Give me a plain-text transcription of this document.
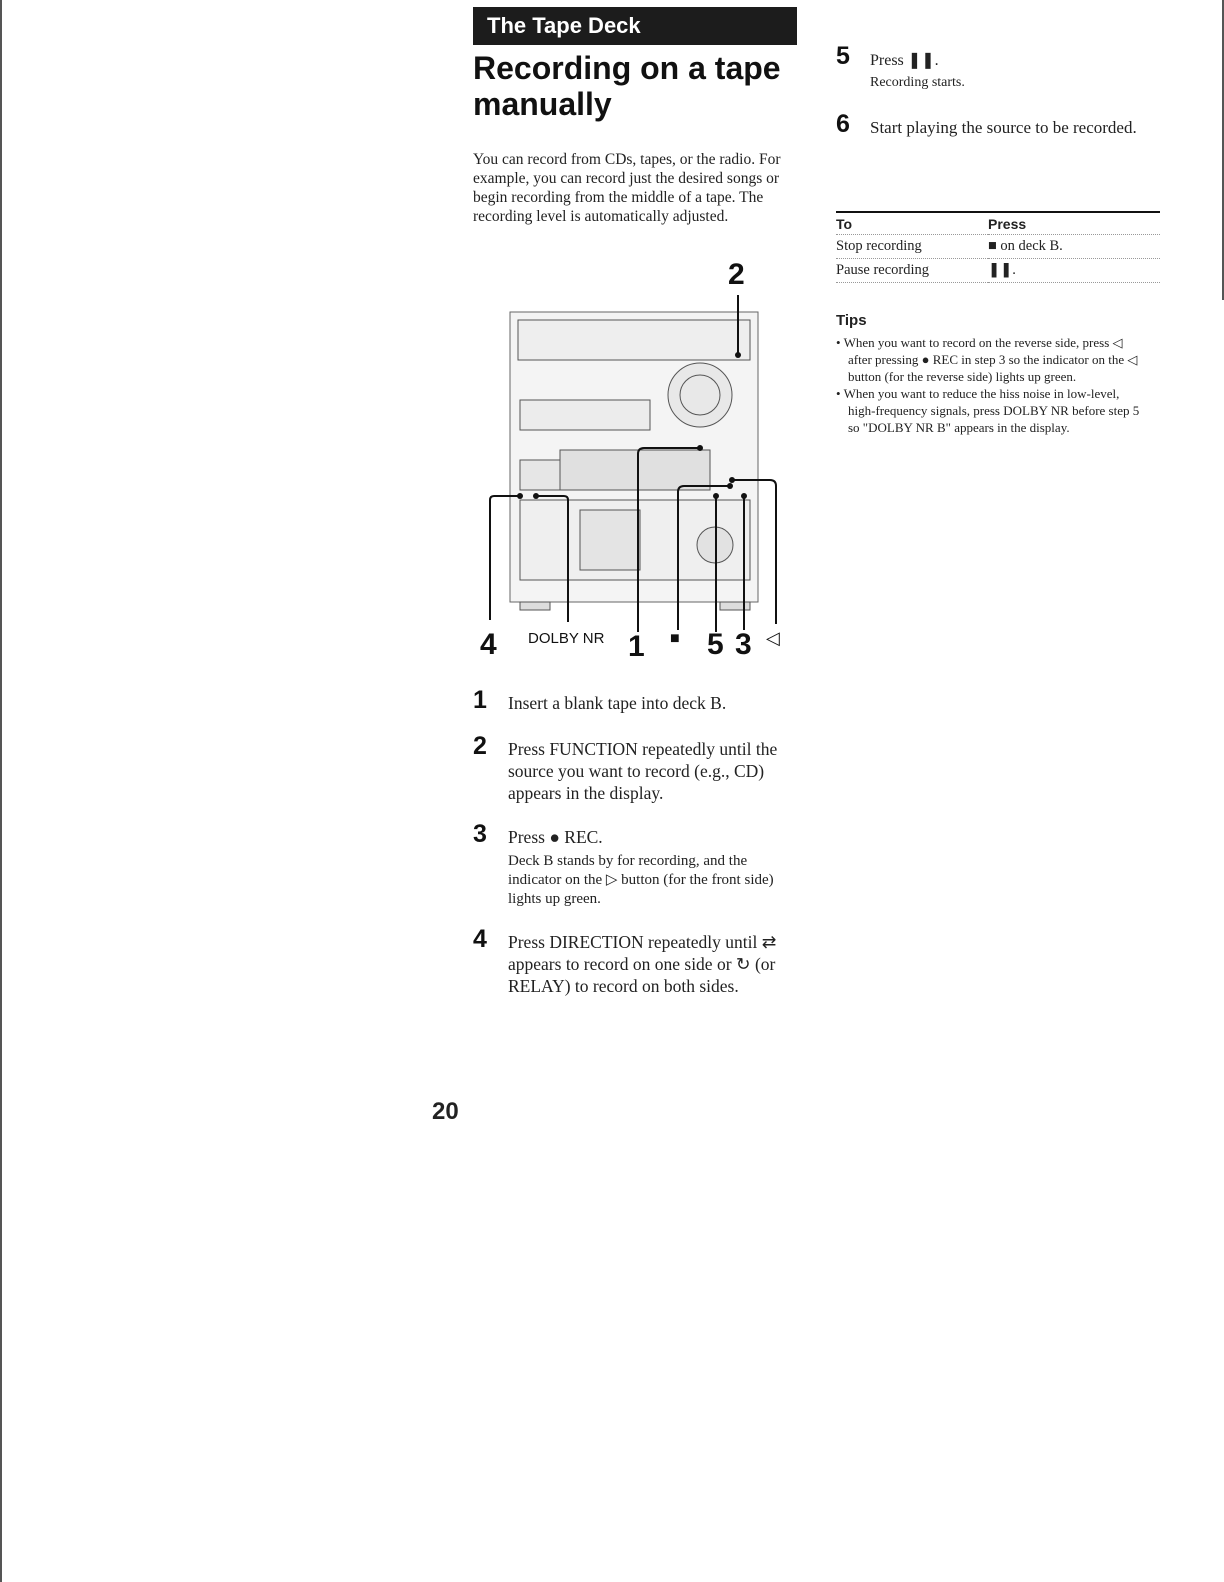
The Tape Deck
Recording on a tape manually
You can record from CDs, tapes, or the radio. For example, you can record just the desired songs or begin recording from the middle of a tape. The recording level is automatically adjusted.
2
4 DOLBY NR 1 ■ 5 3 ◁
1 Insert a blank tape into deck B.
2 Press FUNCTION repeatedly until the source you want to record (e.g., CD) appears in the display.
3 Press ● REC.
Deck B stands by for recording, and the indicator on the ▷ button (for the front side) lights up green.
4 Press DIRECTION repeatedly until ⇄ appears to record on one side or ↻ (or RELAY) to record on both sides.
5 Press ❚❚.
Recording starts.
6 Start playing the source to be recorded.
To	Press
Stop recording	■ on deck B.
Pause recording	❚❚.
Tips
• When you want to record on the reverse side, press ◁ after pressing ● REC in step 3 so the indicator on the ◁ button (for the reverse side) lights up green.
• When you want to reduce the hiss noise in low-level, high-frequency signals, press DOLBY NR before step 5 so "DOLBY NR B" appears in the display.
20
